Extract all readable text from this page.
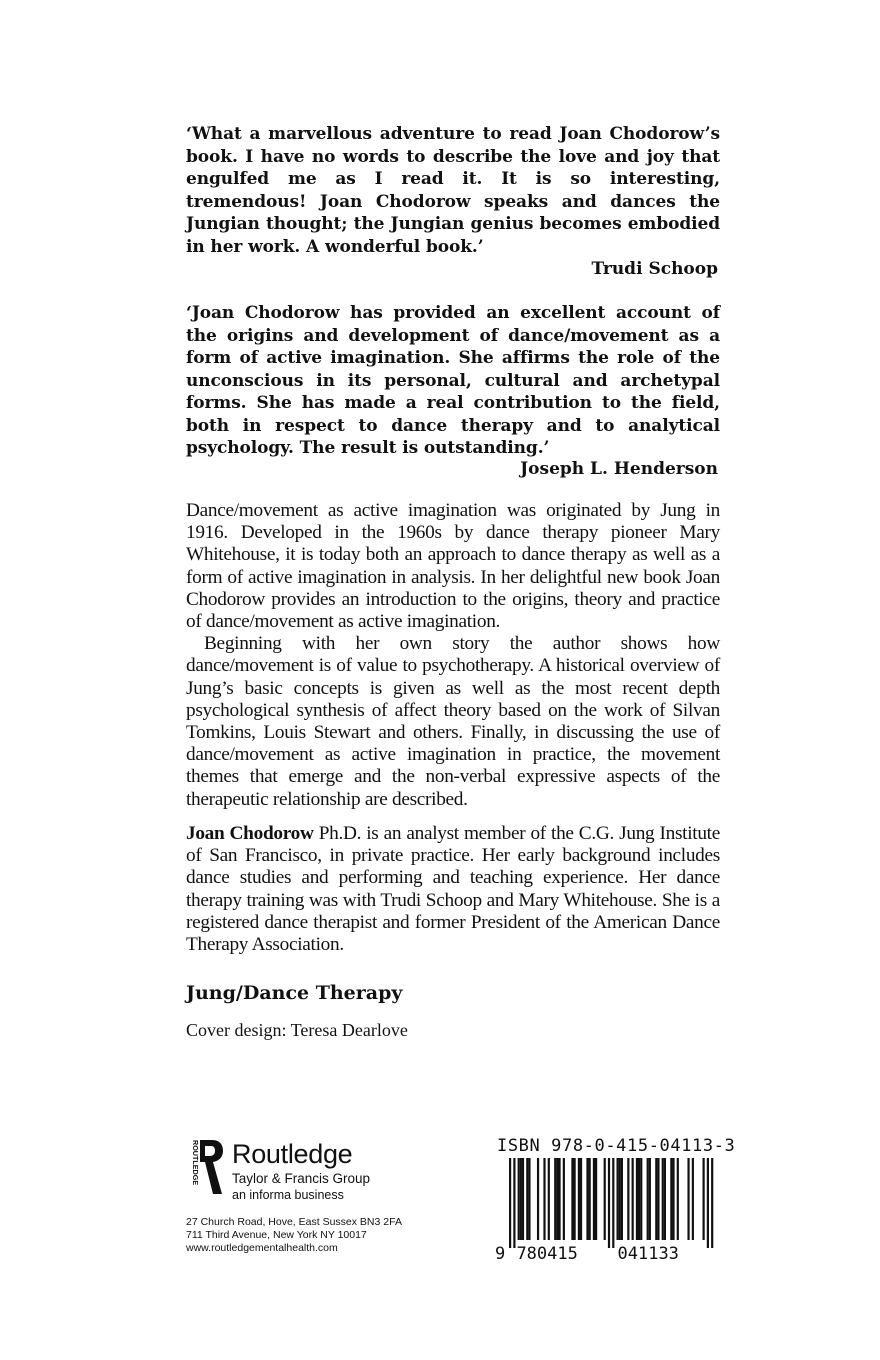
‘What a marvellous adventure to read Joan Chodorow’s book. I have no words to describe the love and joy that engulfed me as I read it. It is so interesting, tremendous! Joan Chodorow speaks and dances the Jungian thought; the Jungian genius becomes embodied in her work. A wonderful book.’
Trudi Schoop
‘Joan Chodorow has provided an excellent account of the origins and development of dance/movement as a form of active imagination. She affirms the role of the unconscious in its personal, cultural and archetypal forms. She has made a real contribution to the field, both in respect to dance therapy and to analytical psychology. The result is outstanding.’
Joseph L. Henderson

Dance/movement as active imagination was originated by Jung in 1916. Developed in the 1960s by dance therapy pioneer Mary Whitehouse, it is today both an approach to dance therapy as well as a form of active imagination in analysis. In her delightful new book Joan Chodorow provides an introduction to the origins, theory and practice of dance/movement as active imagination.

Beginning with her own story the author shows how dance/movement is of value to psychotherapy. A historical overview of Jung’s basic concepts is given as well as the most recent depth psychological synthesis of affect theory based on the work of Silvan Tomkins, Louis Stewart and others. Finally, in discussing the use of dance/movement as active imagination in practice, the movement themes that emerge and the non-verbal expressive aspects of the therapeutic relationship are described.

Joan Chodorow Ph.D. is an analyst member of the C.G. Jung Institute of San Francisco, in private practice. Her early background includes dance studies and performing and teaching experience. Her dance therapy training was with Trudi Schoop and Mary Whitehouse. She is a registered dance therapist and former President of the American Dance Therapy Association.

Jung/Dance Therapy
Cover design: Teresa Dearlove
ROUTLEDGE Routledge
Taylor & Francis Group
an informa business
27 Church Road, Hove, East Sussex BN3 2FA
711 Third Avenue, New York NY 10017
www.routledgementalhealth.com
ISBN 978-0-415-04113-3
9 780415 041133
